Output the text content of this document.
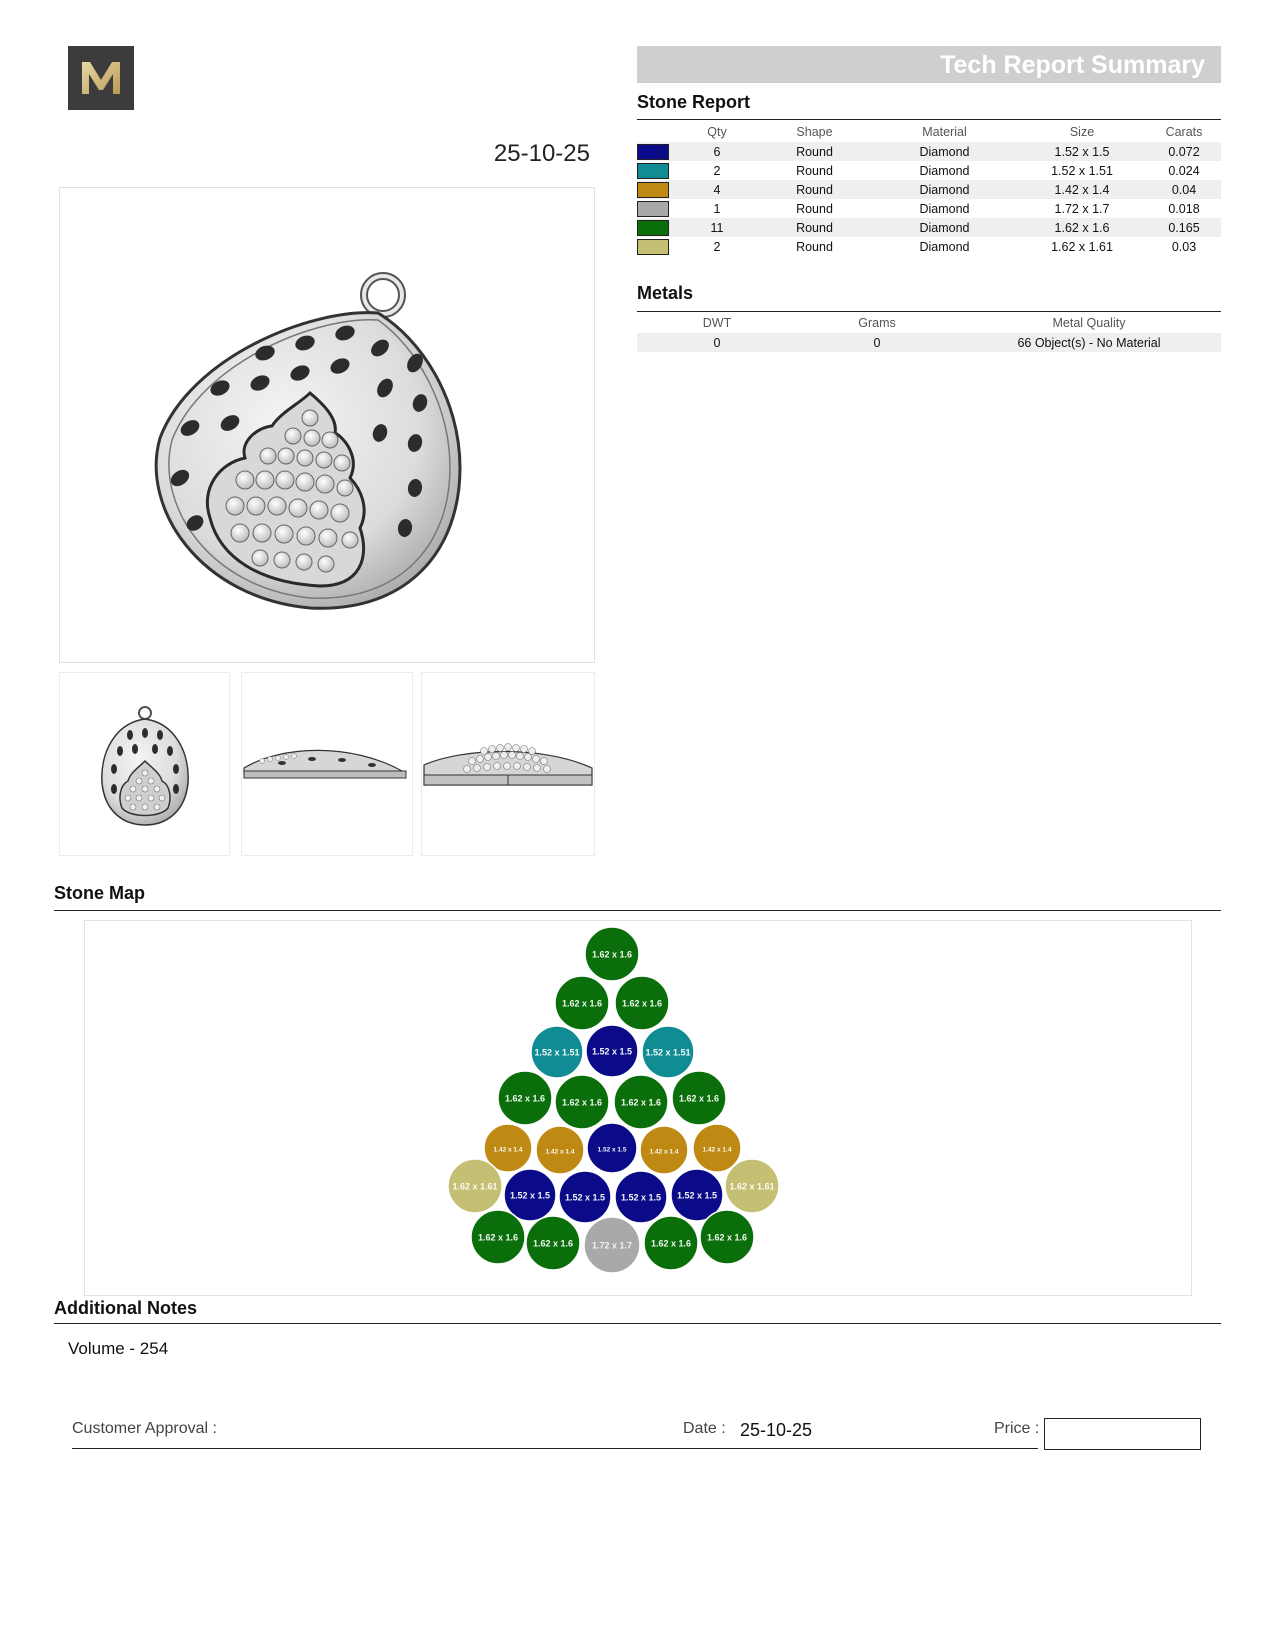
25-10-25
Tech Report Summary
Stone Report
	Qty	Shape	Material	Size	Carats
	6	Round	Diamond	1.52 x 1.5	0.072
	2	Round	Diamond	1.52 x 1.51	0.024
	4	Round	Diamond	1.42 x 1.4	0.04
	1	Round	Diamond	1.72 x 1.7	0.018
	11	Round	Diamond	1.62 x 1.6	0.165
	2	Round	Diamond	1.62 x 1.61	0.03
Metals
DWT	Grams	Metal Quality
0	0	66 Object(s) - No Material
Stone Map
1.62 x 1.6
1.62 x 1.6 1.62 x 1.6
1.52 x 1.51 1.52 x 1.5 1.52 x 1.51
1.62 x 1.6 1.62 x 1.6 1.62 x 1.6 1.62 x 1.6
1.42 x 1.4	1.42 x 1.4	1.52 x 1.5	1.42 x 1.4	1.42 x 1.4
1.62 x 1.61
1.52 x 1.5 1.52 x 1.5 1.52 x 1.5 1.52 x 1.5
1.62 x 1.61
1.62 x 1.6
1.62 x 1.6 1.72 x 1.7 1.62 x 1.6
1.62 x 1.6
Additional Notes
Volume - 254
Customer Approval :	Date : 25-10-25	Price :
